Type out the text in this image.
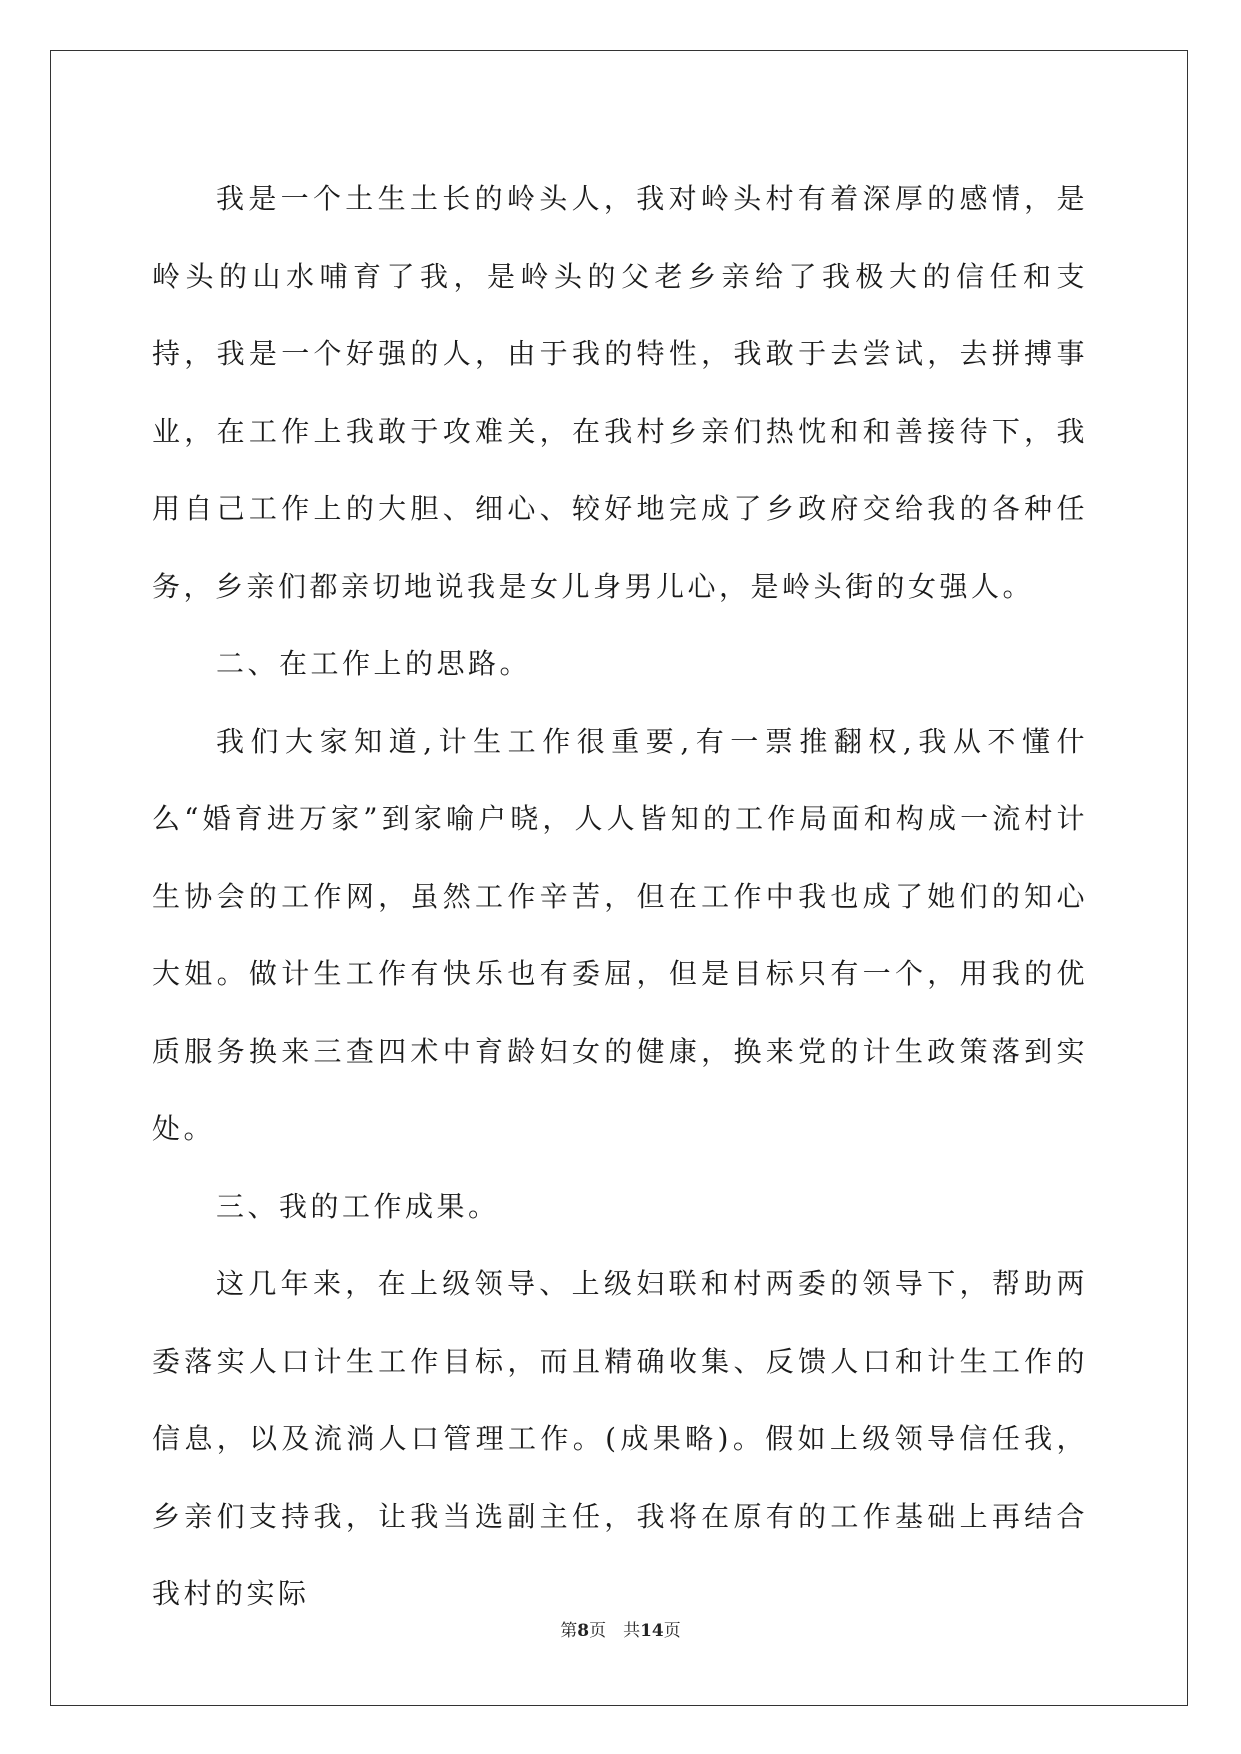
我是一个土生土长的岭头人，我对岭头村有着深厚的感情，是岭头的山水哺育了我，是岭头的父老乡亲给了我极大的信任和支持，我是一个好强的人，由于我的特性，我敢于去尝试，去拼搏事业，在工作上我敢于攻难关，在我村乡亲们热忱和和善接待下，我用自己工作上的大胆、细心、较好地完成了乡政府交给我的各种任务，乡亲们都亲切地说我是女儿身男儿心，是岭头街的女强人。

二、在工作上的思路。

我们大家知道,计生工作很重要,有一票推翻权,我从不懂什么“婚育进万家”到家喻户晓，人人皆知的工作局面和构成一流村计生协会的工作网，虽然工作辛苦，但在工作中我也成了她们的知心大姐。做计生工作有快乐也有委屈，但是目标只有一个，用我的优质服务换来三查四术中育龄妇女的健康，换来党的计生政策落到实处。

三、我的工作成果。

这几年来，在上级领导、上级妇联和村两委的领导下，帮助两委落实人口计生工作目标，而且精确收集、反馈人口和计生工作的信息，以及流淌人口管理工作。(成果略)。假如上级领导信任我，乡亲们支持我，让我当选副主任，我将在原有的工作基础上再结合我村的实际

第8页　共14页
